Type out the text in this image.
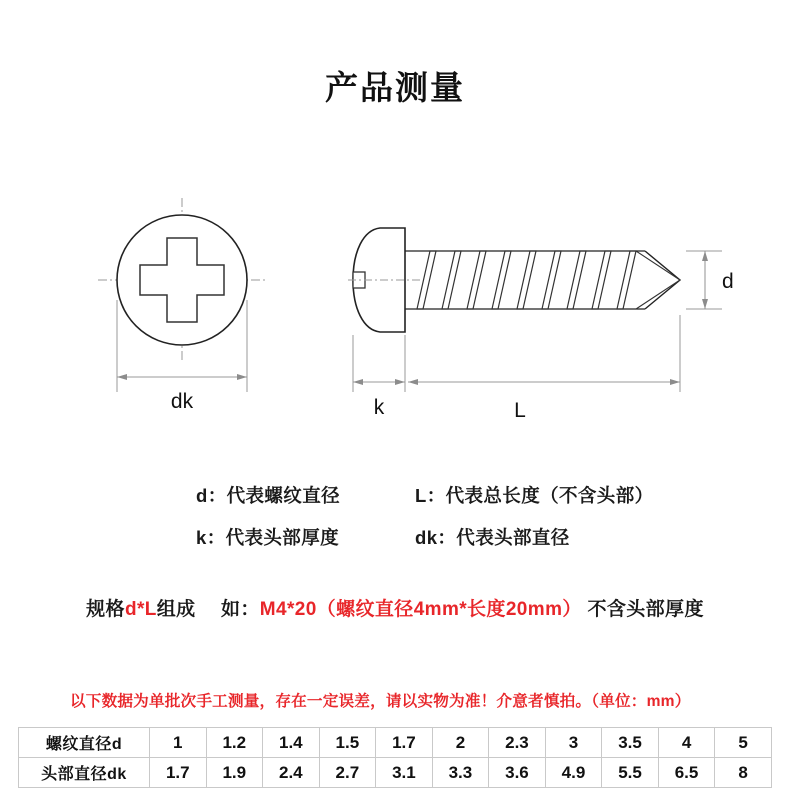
产品测量
dk
d
k	L
d：代表螺纹直径	L：代表总长度（不含头部）
k：代表头部厚度	dk：代表头部直径
规格d*L组成 如：M4*20（螺纹直径4mm*长度20mm） 不含头部厚度
以下数据为单批次手工测量，存在一定误差，请以实物为准！介意者慎拍。（单位：mm）
螺纹直径d	1	1.2	1.4	1.5	1.7	2	2.3	3	3.5	4	5
头部直径dk	1.7	1.9	2.4	2.7	3.1	3.3	3.6	4.9	5.5	6.5	8
